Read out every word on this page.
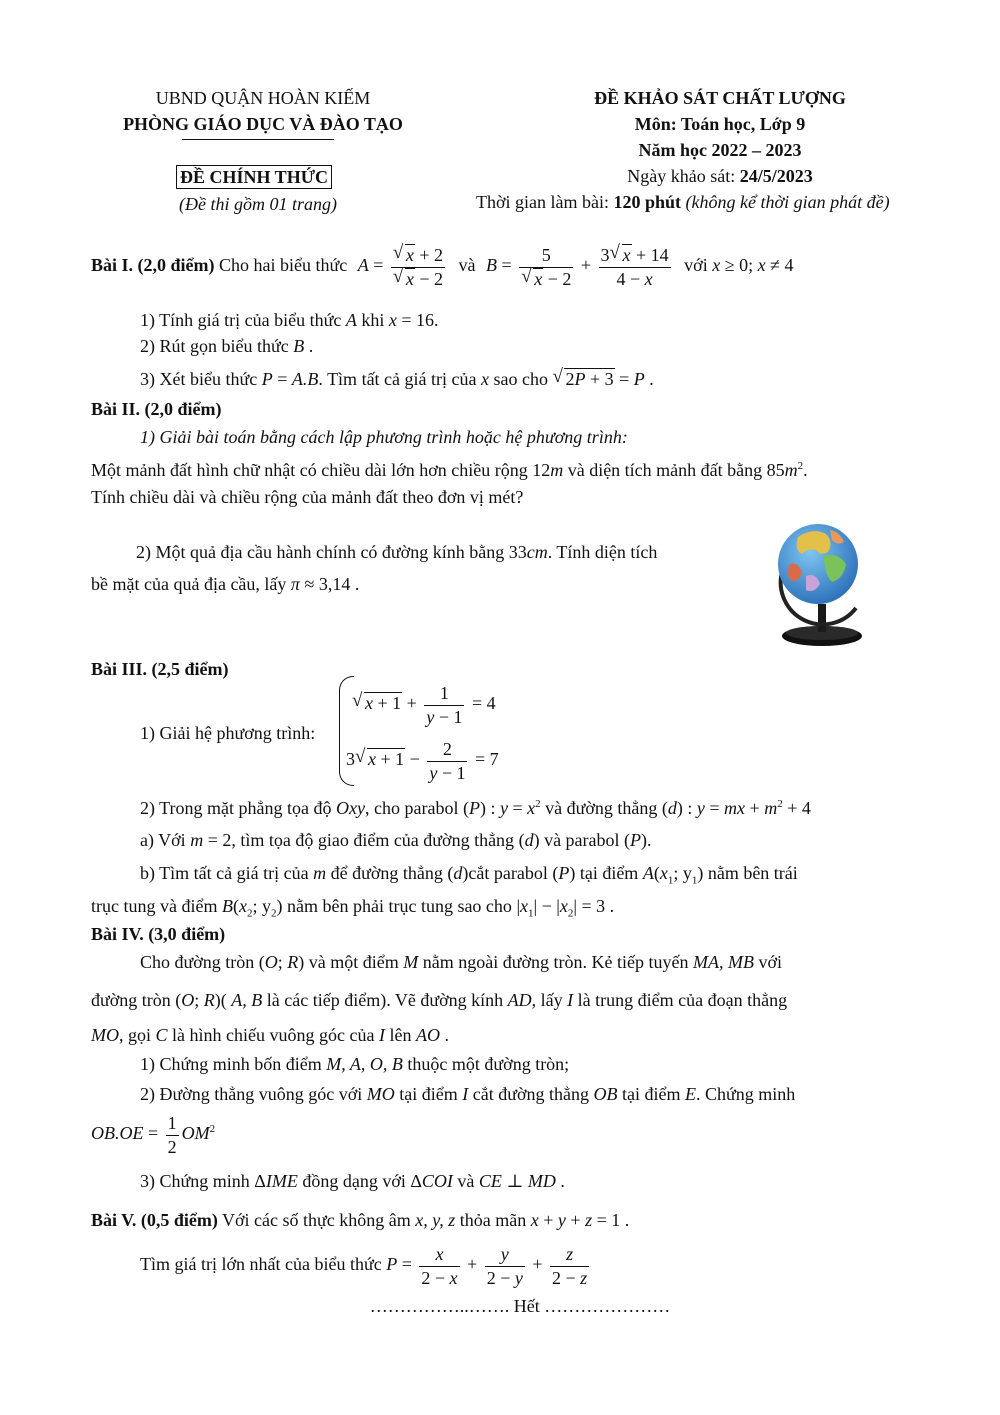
UBND QUẬN HOÀN KIẾM
PHÒNG GIÁO DỤC VÀ ĐÀO TẠO
ĐỀ CHÍNH THỨC
(Đề thi gồm 01 trang)
ĐỀ KHẢO SÁT CHẤT LƯỢNG
Môn: Toán học, Lớp 9
Năm học 2022 – 2023
Ngày khảo sát: 24/5/2023
Thời gian làm bài: 120 phút (không kể thời gian phát đề)
Bài I. (2,0 điểm) Cho hai biểu thức $A = \frac{√ x + 2}{√ x - 2}$ và $B = \frac{5}{√ x - 2} + \frac{3 √ x + 14}{4 - x}$ với x ≥ 0; x ≠ 4
1) Tính giá trị của biểu thức A khi x = 16.
2) Rút gọn biểu thức B .
3) Xét biểu thức P = A.B. Tìm tất cả giá trị của x sao cho √ 2P + 3 = P .
Bài II. (2,0 điểm)
1) Giải bài toán bằng cách lập phương trình hoặc hệ phương trình:
Một mảnh đất hình chữ nhật có chiều dài lớn hơn chiều rộng 12m và diện tích mảnh đất bằng $85m^2$.
Tính chiều dài và chiều rộng của mảnh đất theo đơn vị mét?
2) Một quả địa cầu hành chính có đường kính bằng 33cm. Tính diện tích
bề mặt của quả địa cầu, lấy π ≈ 3,14 .
Bài III. (2,5 điểm)
1) Giải hệ phương trình:
√ $x + 1 + \frac{1}{y - 1} = 4$
3 √ $x + 1 - \frac{2}{y - 1} = 7$
2) Trong mặt phẳng tọa độ Oxy, cho parabol (P) : $y = x^2$ và đường thẳng (d) : y = mx + $m^2 + 4$
a) Với m = 2, tìm tọa độ giao điểm của đường thẳng (d) và parabol (P).
b) Tìm tất cả giá trị của m để đường thẳng (d)cắt parabol (P) tại điểm $A(x_1$; $y_1$) nằm bên trái
trục tung và điểm $B(x_2$; $y_2$) nằm bên phải trục tung sao cho $|x_1| - |x_2| = 3$ .
Bài IV. (3,0 điểm)
Cho đường tròn (O; R) và một điểm M nằm ngoài đường tròn. Kẻ tiếp tuyến MA, MB với
đường tròn (O; R)( A, B là các tiếp điểm). Vẽ đường kính AD, lấy I là trung điểm của đoạn thẳng
MO, gọi C là hình chiếu vuông góc của I lên AO .
1) Chứng minh bốn điểm M, A, O, B thuộc một đường tròn;
2) Đường thẳng vuông góc với MO tại điểm I cắt đường thẳng OB tại điểm E. Chứng minh
$OB.OE = \frac{1}{2} OM^2$
3) Chứng minh ΔIME đồng dạng với ΔCOI và CE ⊥ MD .
Bài V. (0,5 điểm) Với các số thực không âm x, y, z thỏa mãn x + y + z = 1 .
Tìm giá trị lớn nhất của biểu thức $P = \frac{x}{2 - x} + \frac{y}{2 - y} + \frac{z}{2 - z}$
……………..……. Hết …………………
